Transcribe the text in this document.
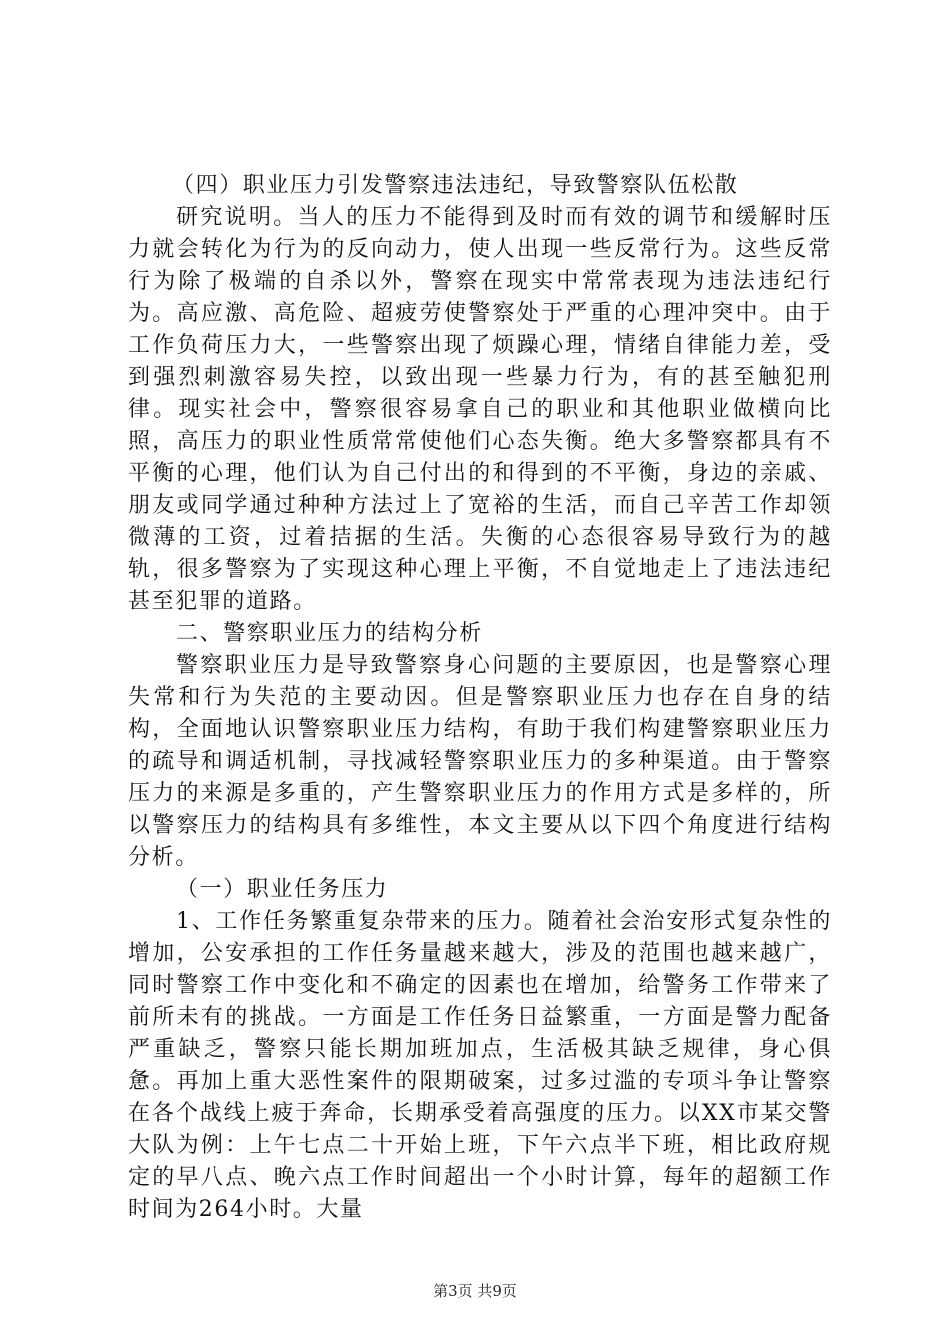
（四）职业压力引发警察违法违纪，导致警察队伍松散

研究说明。当人的压力不能得到及时而有效的调节和缓解时压力就会转化为行为的反向动力，使人出现一些反常行为。这些反常行为除了极端的自杀以外，警察在现实中常常表现为违法违纪行为。高应激、高危险、超疲劳使警察处于严重的心理冲突中。由于工作负荷压力大，一些警察出现了烦躁心理，情绪自律能力差，受到强烈刺激容易失控，以致出现一些暴力行为，有的甚至触犯刑律。现实社会中，警察很容易拿自己的职业和其他职业做横向比照，高压力的职业性质常常使他们心态失衡。绝大多警察都具有不平衡的心理，他们认为自己付出的和得到的不平衡，身边的亲戚、朋友或同学通过种种方法过上了宽裕的生活，而自己辛苦工作却领微薄的工资，过着拮据的生活。失衡的心态很容易导致行为的越轨，很多警察为了实现这种心理上平衡，不自觉地走上了违法违纪甚至犯罪的道路。

二、警察职业压力的结构分析

警察职业压力是导致警察身心问题的主要原因，也是警察心理失常和行为失范的主要动因。但是警察职业压力也存在自身的结构，全面地认识警察职业压力结构，有助于我们构建警察职业压力的疏导和调适机制，寻找减轻警察职业压力的多种渠道。由于警察压力的来源是多重的，产生警察职业压力的作用方式是多样的，所以警察压力的结构具有多维性，本文主要从以下四个角度进行结构分析。

（一）职业任务压力

1、工作任务繁重复杂带来的压力。随着社会治安形式复杂性的增加，公安承担的工作任务量越来越大，涉及的范围也越来越广，同时警察工作中变化和不确定的因素也在增加，给警务工作带来了前所未有的挑战。一方面是工作任务日益繁重，一方面是警力配备严重缺乏，警察只能长期加班加点，生活极其缺乏规律，身心俱惫。再加上重大恶性案件的限期破案，过多过滥的专项斗争让警察在各个战线上疲于奔命，长期承受着高强度的压力。以XX市某交警大队为例：上午七点二十开始上班，下午六点半下班，相比政府规定的早八点、晚六点工作时间超出一个小时计算，每年的超额工作时间为264小时。大量

第3页 共9页
